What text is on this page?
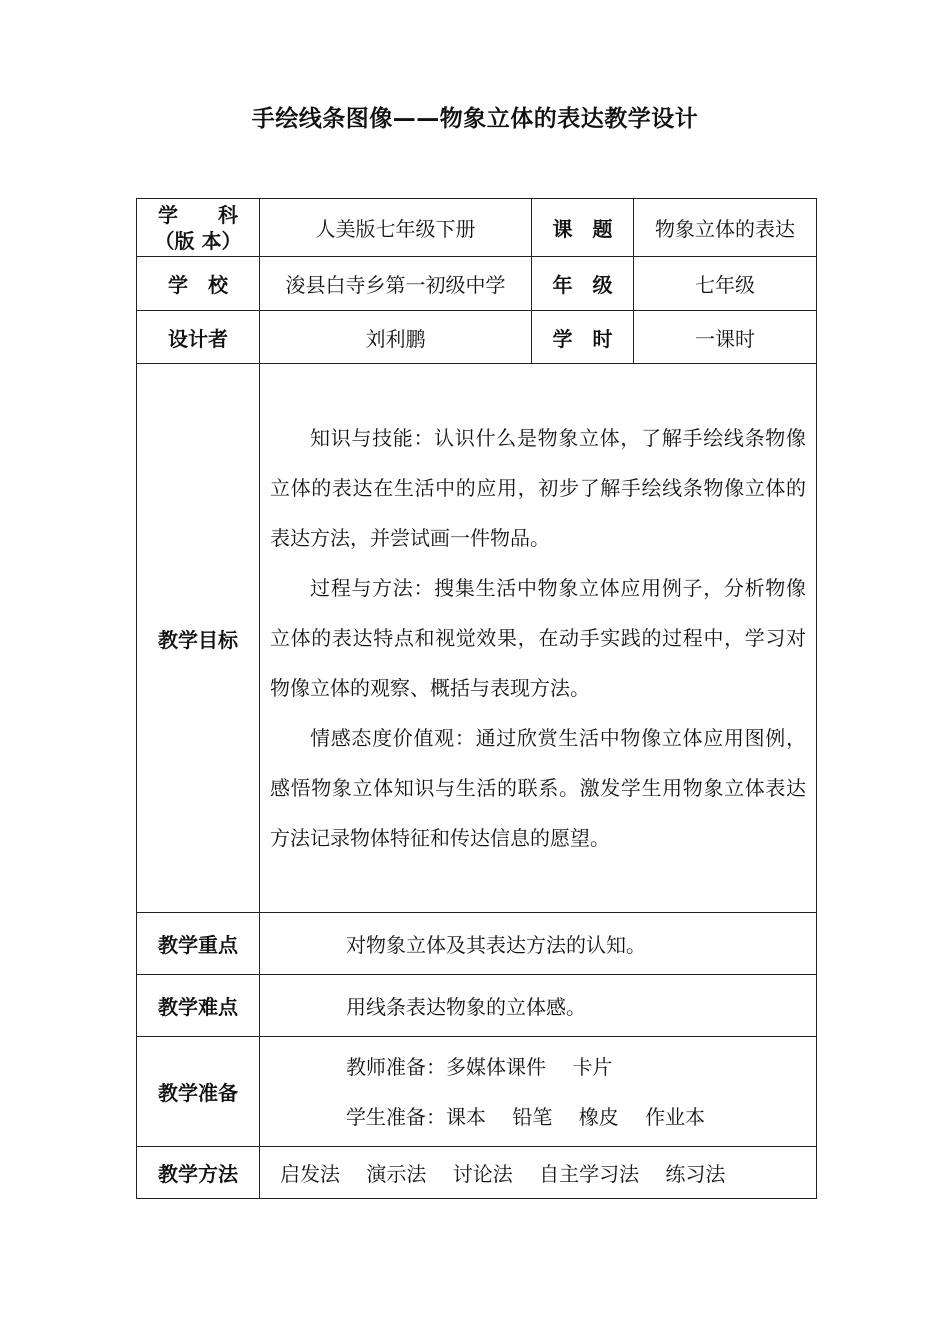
手绘线条图像——物象立体的表达教学设计
学　　科
（版 本）	人美版七年级下册	课　题	物象立体的表达
学　校	浚县白寺乡第一初级中学	年　级	七年级
设计者	刘利鹏	学　时	一课时
教学目标	知识与技能：认识什么是物象立体，了解手绘线条物像立体的表达在生活中的应用，初步了解手绘线条物像立体的表达方法，并尝试画一件物品。

过程与方法：搜集生活中物象立体应用例子，分析物像立体的表达特点和视觉效果，在动手实践的过程中，学习对物像立体的观察、概括与表现方法。

情感态度价值观：通过欣赏生活中物像立体应用图例，感悟物象立体知识与生活的联系。激发学生用物象立体表达方法记录物体特征和传达信息的愿望。		

教学重点	对物象立体及其表达方法的认知。		
教学难点	用线条表达物象的立体感。		
教学准备	教师准备：多媒体课件　 卡片
学生准备：课本　 铅笔　 橡皮　 作业本		

教学方法	启发法　 演示法　 讨论法　 自主学习法　 练习法		
